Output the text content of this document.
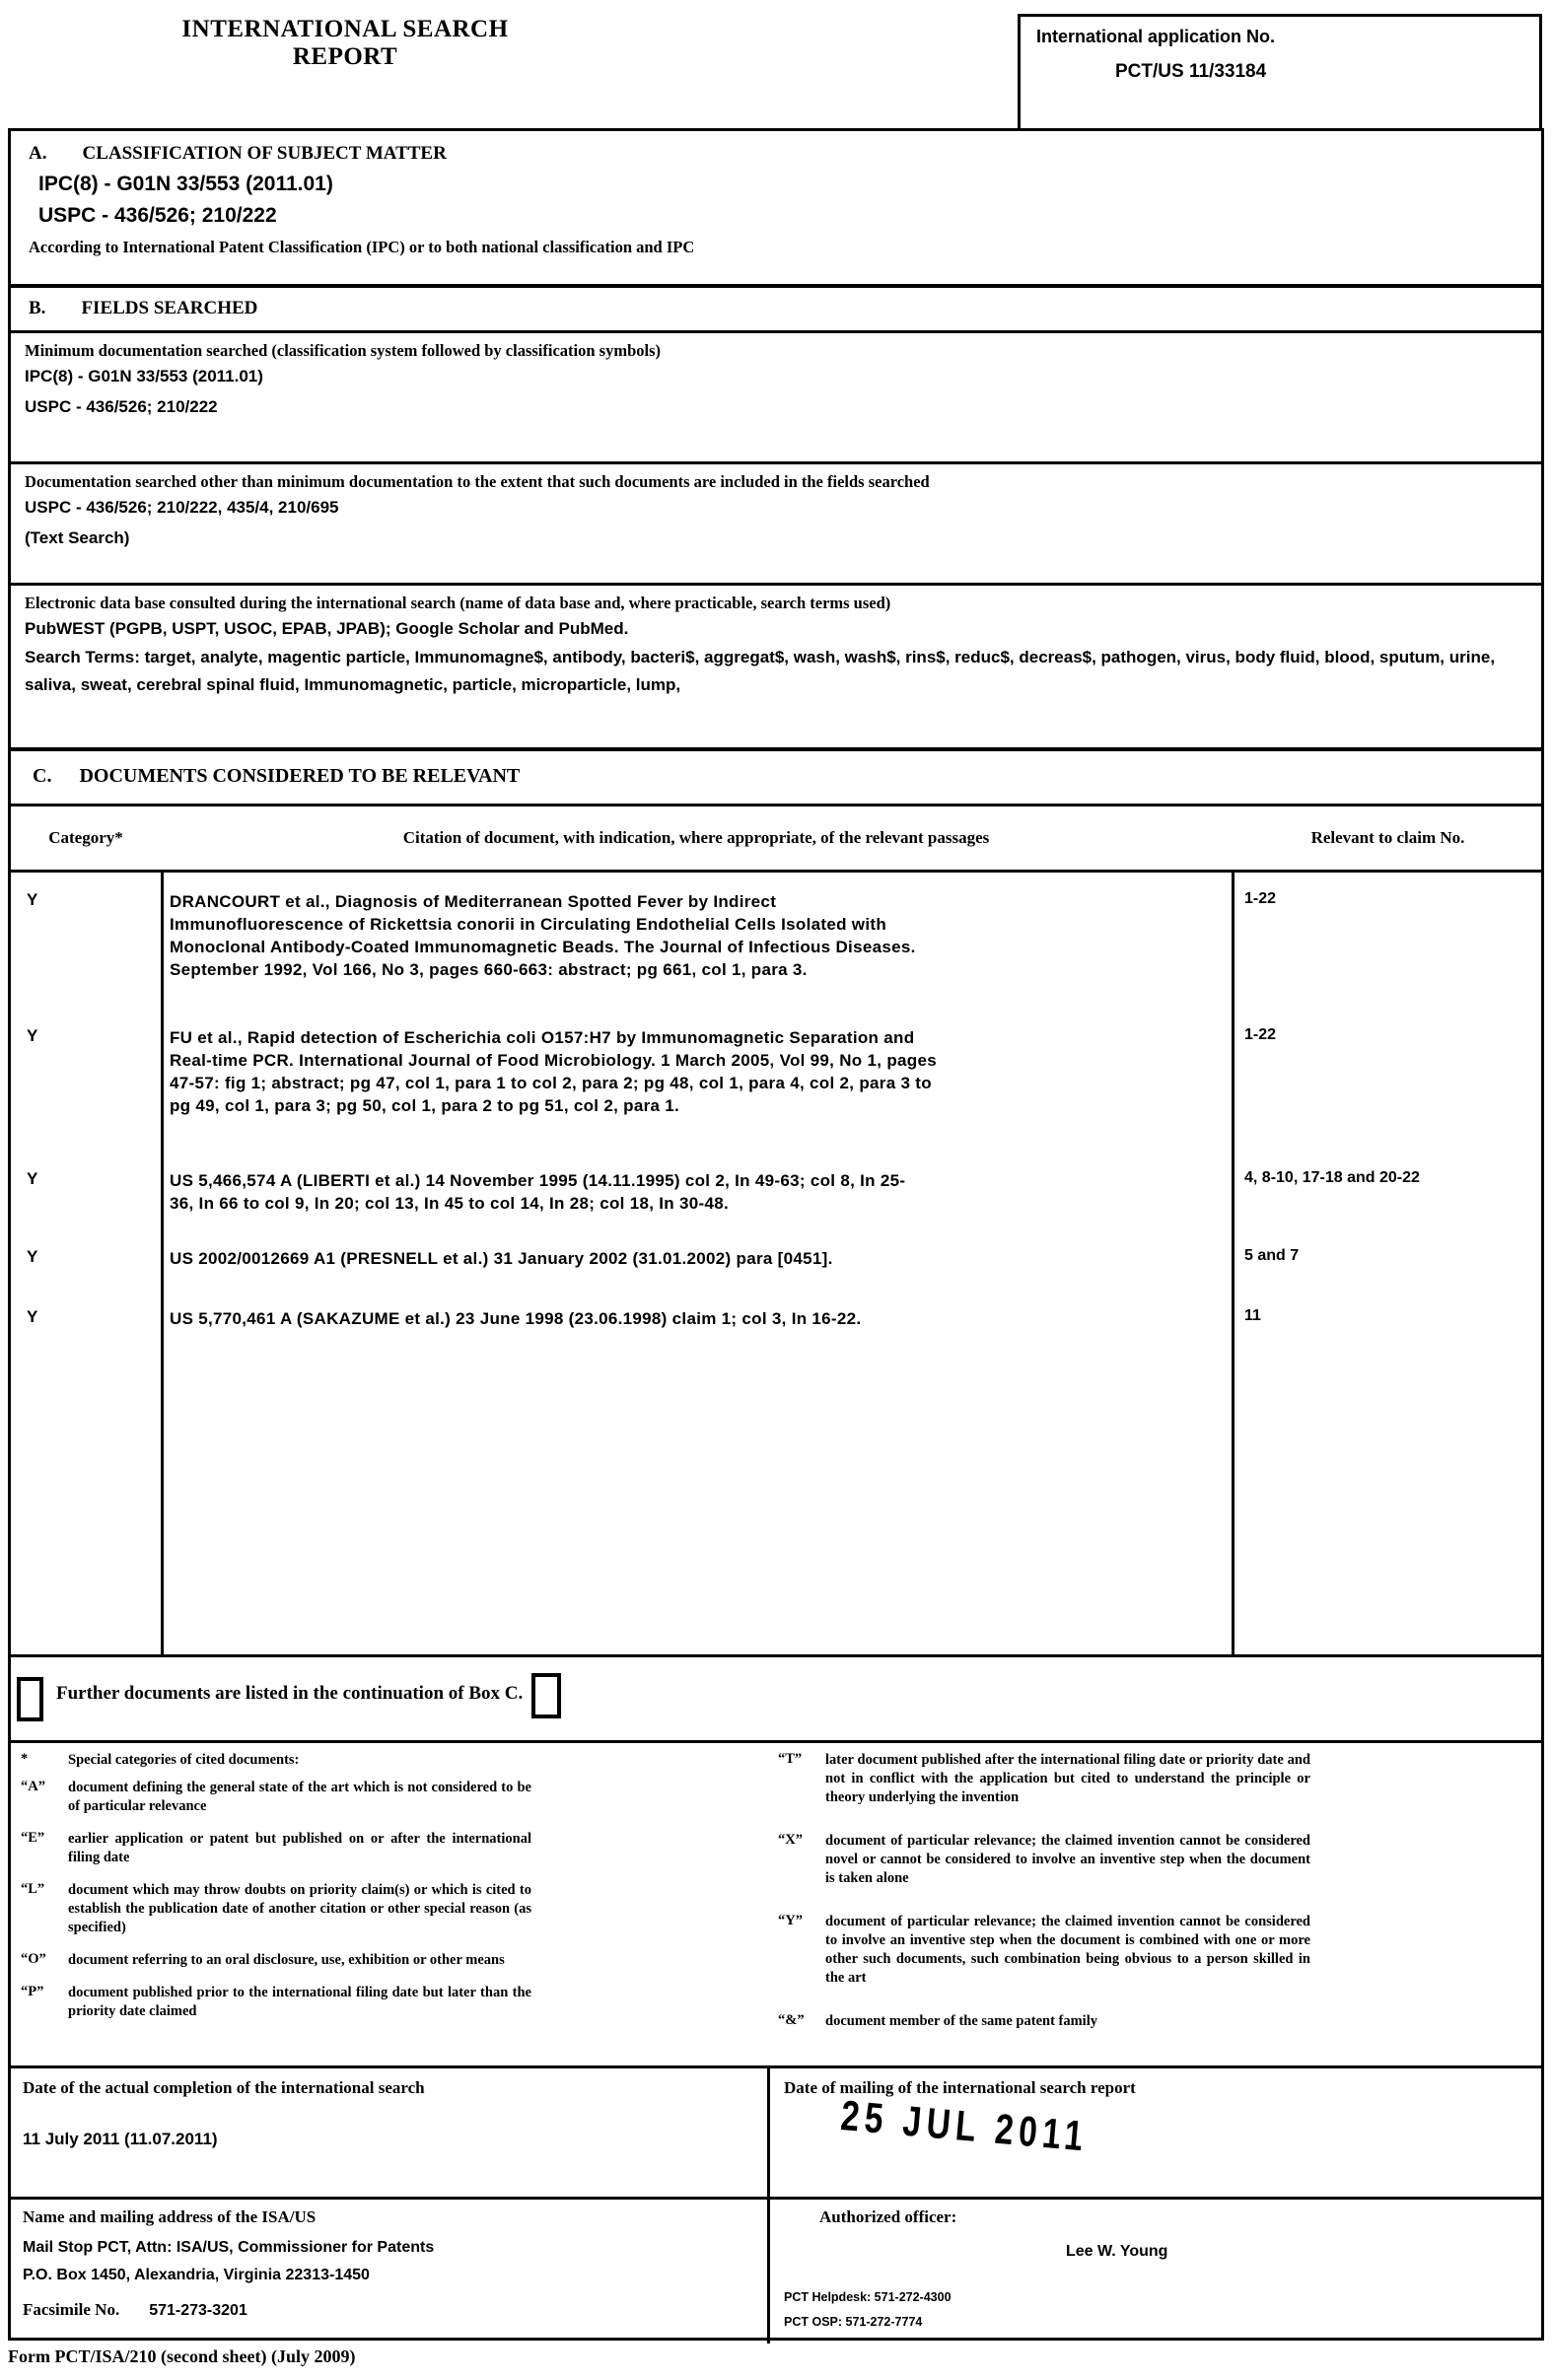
INTERNATIONAL SEARCH REPORT
International application No.
PCT/US 11/33184
A. CLASSIFICATION OF SUBJECT MATTER
IPC(8) - G01N 33/553 (2011.01)
USPC - 436/526; 210/222
According to International Patent Classification (IPC) or to both national classification and IPC
B. FIELDS SEARCHED
Minimum documentation searched (classification system followed by classification symbols)
IPC(8) - G01N 33/553 (2011.01)
USPC - 436/526; 210/222
Documentation searched other than minimum documentation to the extent that such documents are included in the fields searched
USPC - 436/526; 210/222, 435/4, 210/695
(Text Search)
Electronic data base consulted during the international search (name of data base and, where practicable, search terms used)
PubWEST (PGPB, USPT, USOC, EPAB, JPAB); Google Scholar and PubMed.
Search Terms: target, analyte, magentic particle, Immunomagne$, antibody, bacteri$, aggregat$, wash, wash$, rins$, reduc$, decreas$, pathogen, virus, body fluid, blood, sputum, urine, saliva, sweat, cerebral spinal fluid, Immunomagnetic, particle, microparticle, lump,
C. DOCUMENTS CONSIDERED TO BE RELEVANT
Category*	Citation of document, with indication, where appropriate, of the relevant passages	Relevant to claim No.
Y	DRANCOURT et al., Diagnosis of Mediterranean Spotted Fever by Indirect
Immunofluorescence of Rickettsia conorii in Circulating Endothelial Cells Isolated with
Monoclonal Antibody-Coated Immunomagnetic Beads. The Journal of Infectious Diseases.
September 1992, Vol 166, No 3, pages 660-663: abstract; pg 661, col 1, para 3.
1-22
Y	FU et al., Rapid detection of Escherichia coli O157:H7 by Immunomagnetic Separation and
Real-time PCR. International Journal of Food Microbiology. 1 March 2005, Vol 99, No 1, pages
47-57: fig 1; abstract; pg 47, col 1, para 1 to col 2, para 2; pg 48, col 1, para 4, col 2, para 3 to
pg 49, col 1, para 3; pg 50, col 1, para 2 to pg 51, col 2, para 1.
1-22
Y	US 5,466,574 A (LIBERTI et al.) 14 November 1995 (14.11.1995) col 2, In 49-63; col 8, In 25-
36, In 66 to col 9, In 20; col 13, In 45 to col 14, In 28; col 18, In 30-48.
4, 8-10, 17-18 and 20-22
Y	US 2002/0012669 A1 (PRESNELL et al.) 31 January 2002 (31.01.2002) para [0451].	5 and 7
Y	US 5,770,461 A (SAKAZUME et al.) 23 June 1998 (23.06.1998) claim 1; col 3, In 16-22.	11
Further documents are listed in the continuation of Box C.
*	Special categories of cited documents:
“A”	document defining the general state of the art which is not considered to be of particular relevance
“E”	earlier application or patent but published on or after the international filing date
“L”	document which may throw doubts on priority claim(s) or which is cited to establish the publication date of another citation or other special reason (as specified)
“O”	document referring to an oral disclosure, use, exhibition or other means
“P”	document published prior to the international filing date but later than the priority date claimed
“T”	later document published after the international filing date or priority date and not in conflict with the application but cited to understand the principle or theory underlying the invention
“X”	document of particular relevance; the claimed invention cannot be considered novel or cannot be considered to involve an inventive step when the document is taken alone
“Y”	document of particular relevance; the claimed invention cannot be considered to involve an inventive step when the document is combined with one or more other such documents, such combination being obvious to a person skilled in the art
“&”	document member of the same patent family
Date of the actual completion of the international search
11 July 2011 (11.07.2011)
Date of mailing of the international search report
25 JUL 2011
Name and mailing address of the ISA/US
Mail Stop PCT, Attn: ISA/US, Commissioner for Patents
P.O. Box 1450, Alexandria, Virginia 22313-1450
Facsimile No. 571-273-3201
Authorized officer:
Lee W. Young
PCT Helpdesk: 571-272-4300
PCT OSP: 571-272-7774
Form PCT/ISA/210 (second sheet) (July 2009)
